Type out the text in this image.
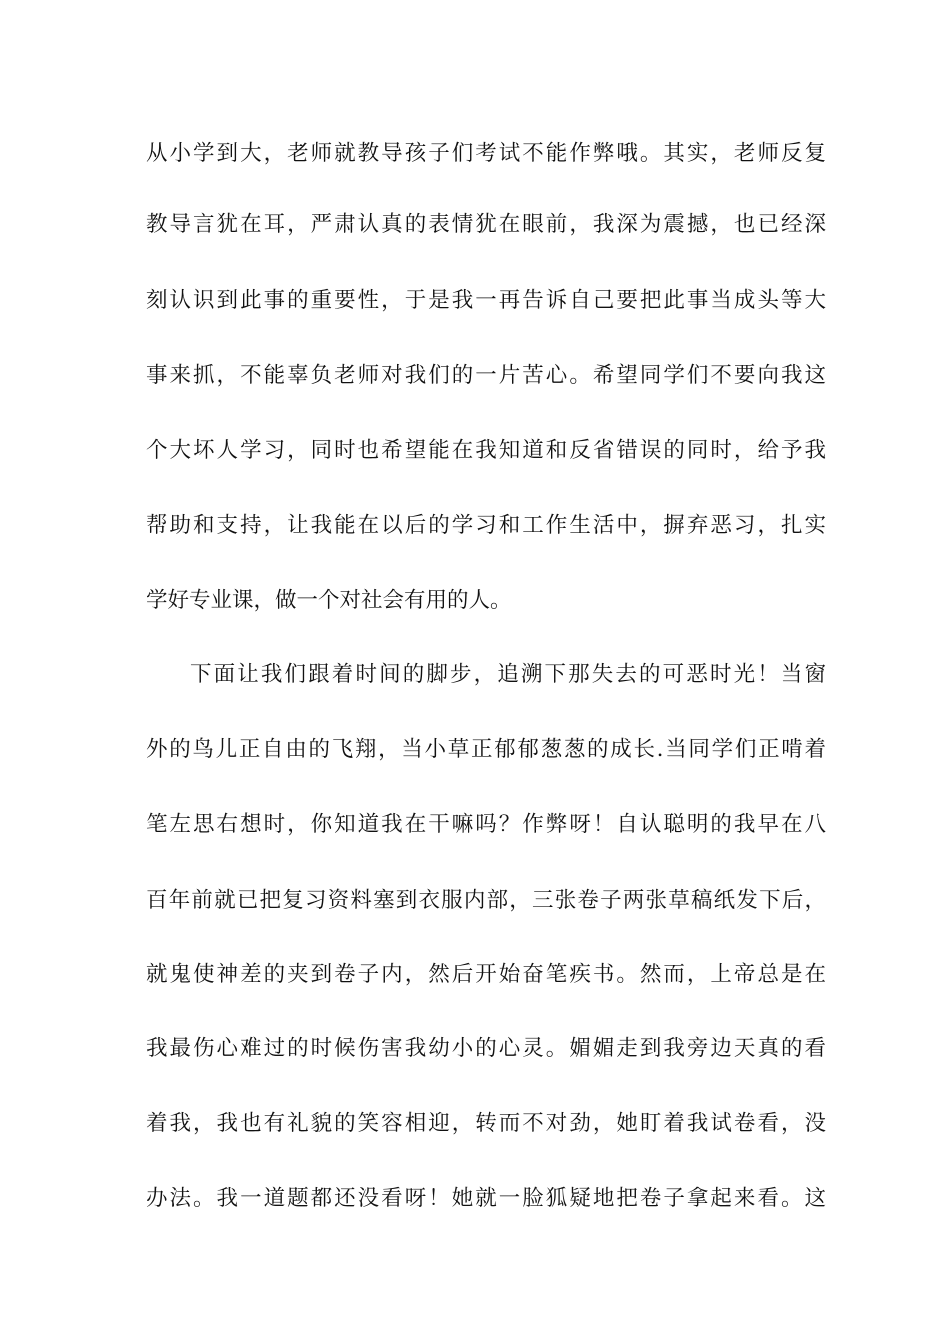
从小学到大，老师就教导孩子们考试不能作弊哦。其实，老师反复
教导言犹在耳，严肃认真的表情犹在眼前，我深为震撼，也已经深
刻认识到此事的重要性，于是我一再告诉自己要把此事当成头等大
事来抓，不能辜负老师对我们的一片苦心。希望同学们不要向我这
个大坏人学习，同时也希望能在我知道和反省错误的同时，给予我
帮助和支持，让我能在以后的学习和工作生活中，摒弃恶习，扎实
学好专业课，做一个对社会有用的人。
下面让我们跟着时间的脚步，追溯下那失去的可恶时光！当窗
外的鸟儿正自由的飞翔，当小草正郁郁葱葱的成长.当同学们正啃着
笔左思右想时，你知道我在干嘛吗？作弊呀！自认聪明的我早在八
百年前就已把复习资料塞到衣服内部，三张卷子两张草稿纸发下后，
就鬼使神差的夹到卷子内，然后开始奋笔疾书。然而，上帝总是在
我最伤心难过的时候伤害我幼小的心灵。媚媚走到我旁边天真的看
着我，我也有礼貌的笑容相迎，转而不对劲，她盯着我试卷看，没
办法。我一道题都还没看呀！她就一脸狐疑地把卷子拿起来看。这
